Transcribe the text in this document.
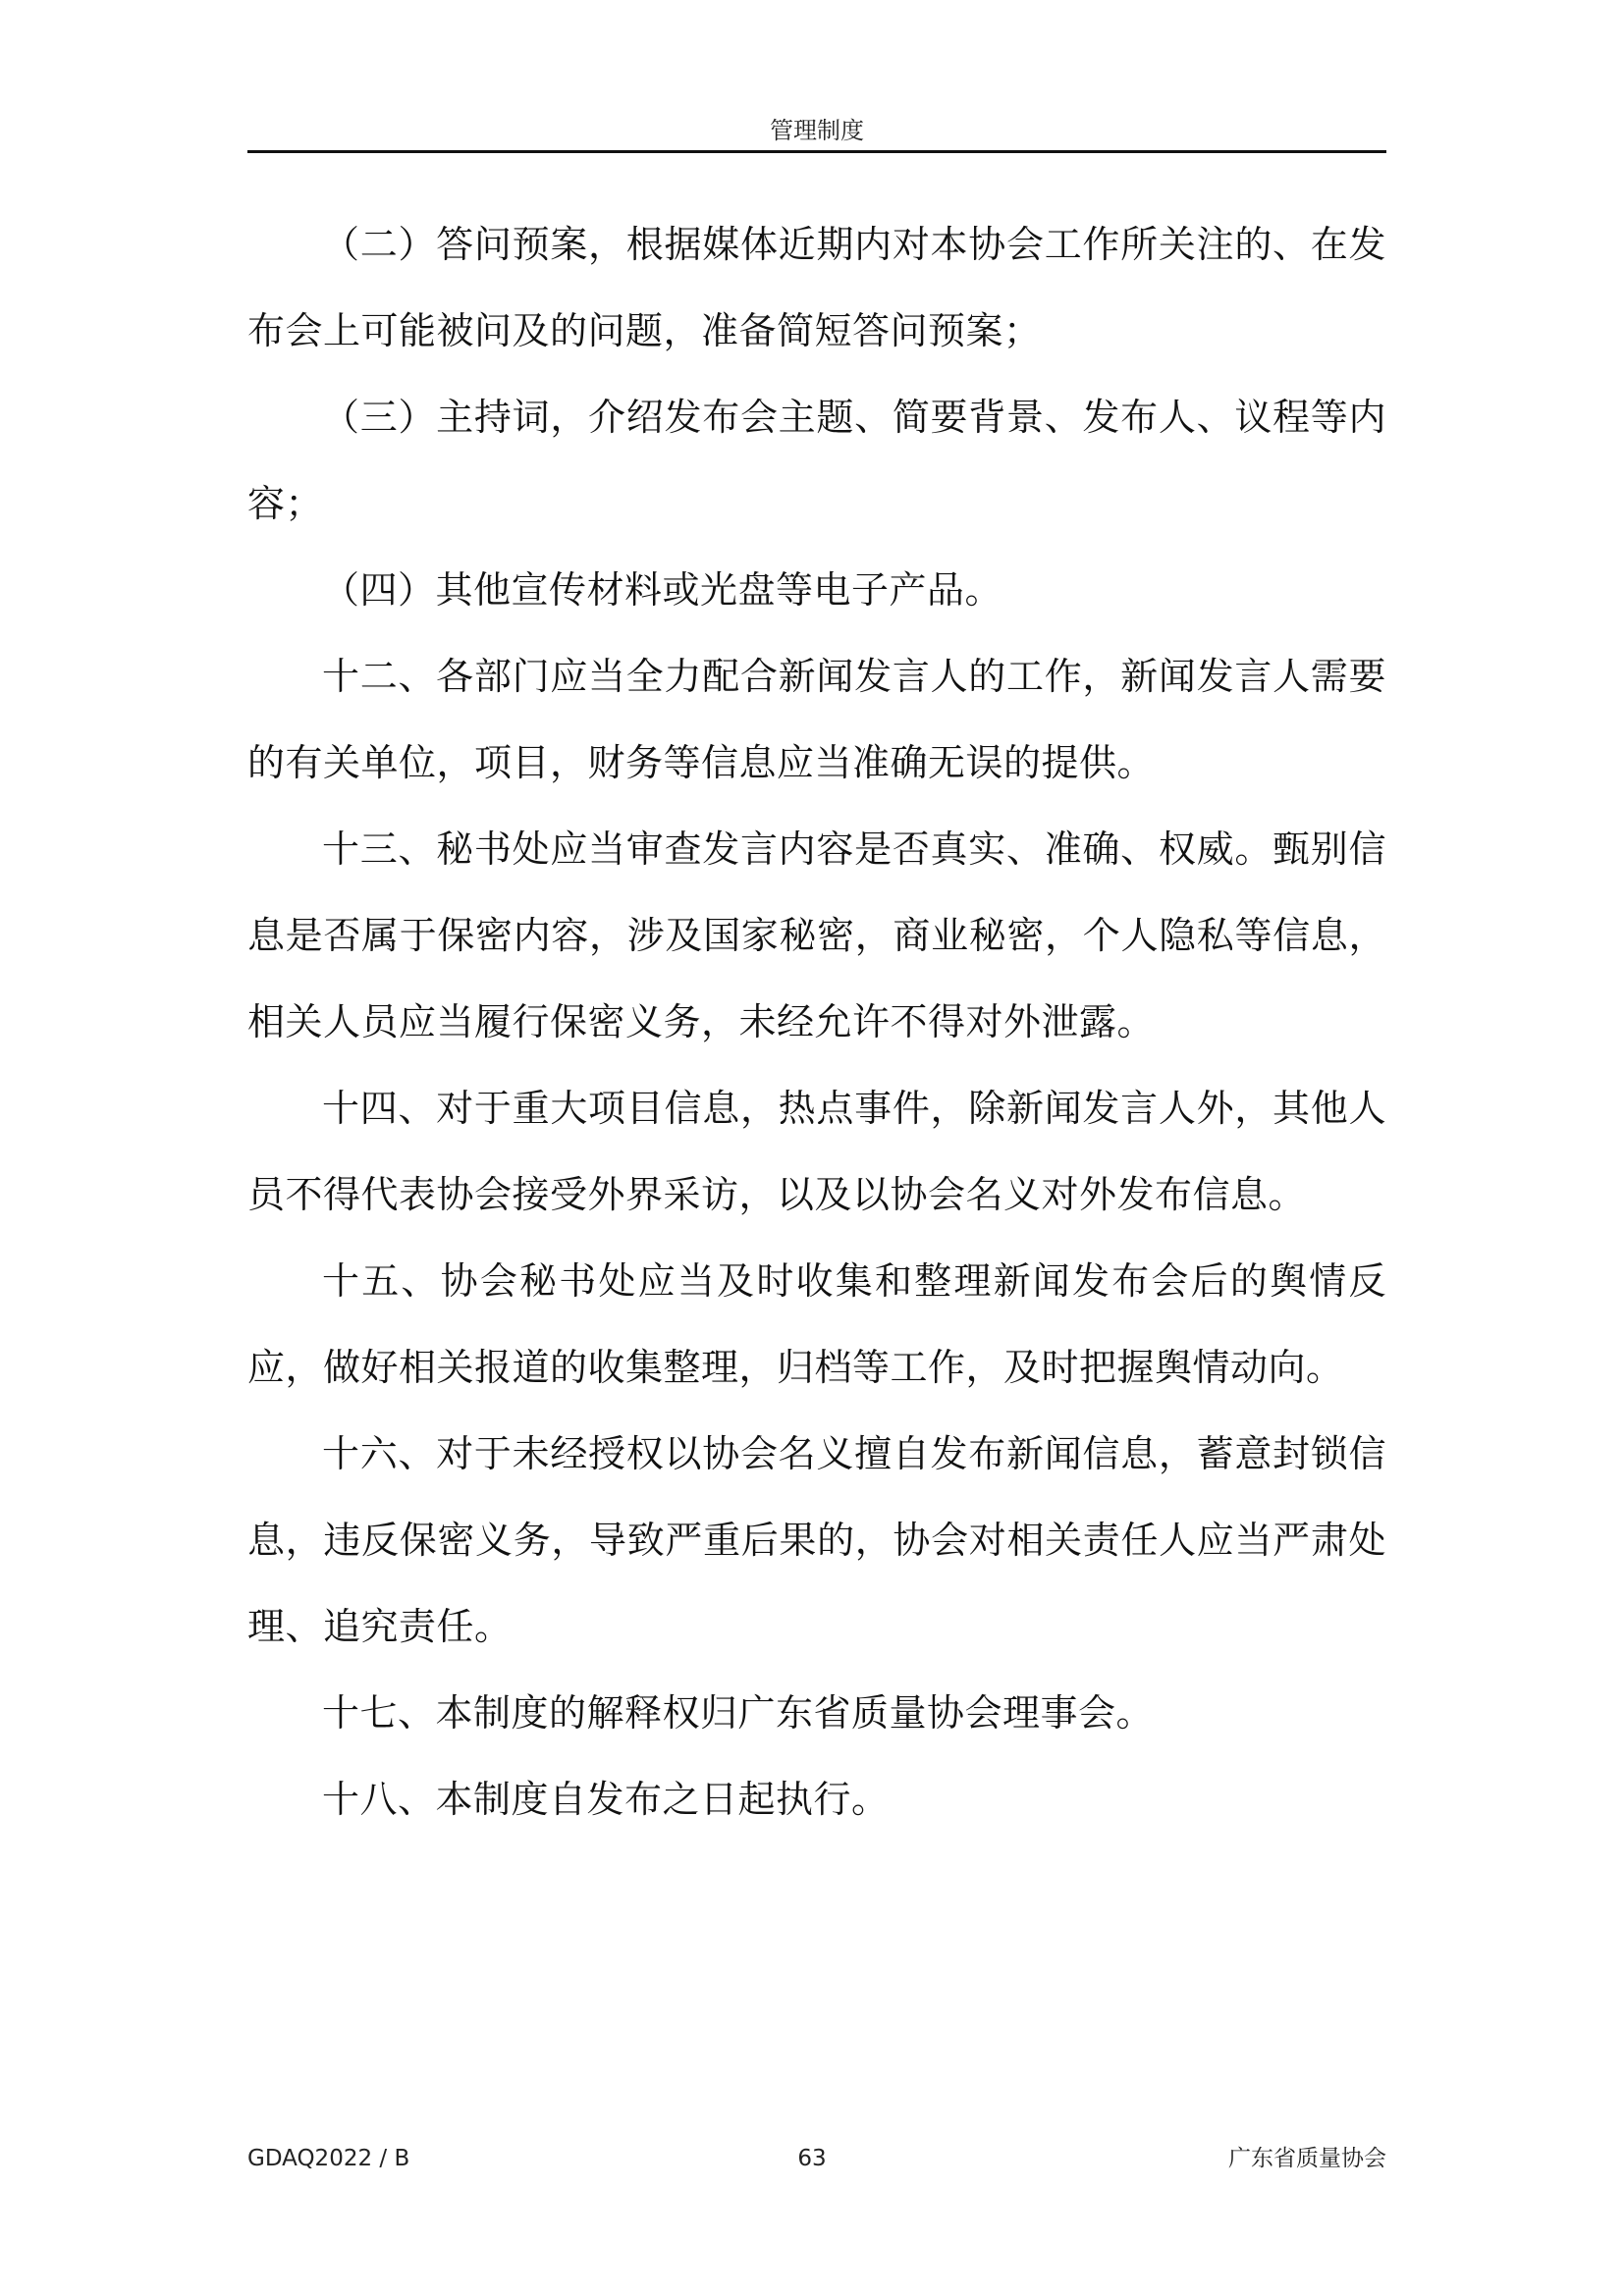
管理制度

（二）答问预案，根据媒体近期内对本协会工作所关注的、在发布会上可能被问及的问题，准备简短答问预案；

（三）主持词，介绍发布会主题、简要背景、发布人、议程等内容；

（四）其他宣传材料或光盘等电子产品。

十二、各部门应当全力配合新闻发言人的工作，新闻发言人需要的有关单位，项目，财务等信息应当准确无误的提供。

十三、秘书处应当审查发言内容是否真实、准确、权威。甄别信息是否属于保密内容，涉及国家秘密，商业秘密，个人隐私等信息，相关人员应当履行保密义务，未经允许不得对外泄露。

十四、对于重大项目信息，热点事件，除新闻发言人外，其他人员不得代表协会接受外界采访，以及以协会名义对外发布信息。

十五、协会秘书处应当及时收集和整理新闻发布会后的舆情反应，做好相关报道的收集整理，归档等工作，及时把握舆情动向。

十六、对于未经授权以协会名义擅自发布新闻信息，蓄意封锁信息，违反保密义务，导致严重后果的，协会对相关责任人应当严肃处理、追究责任。

十七、本制度的解释权归广东省质量协会理事会。

十八、本制度自发布之日起执行。

GDAQ2022 / B	63	广东省质量协会
